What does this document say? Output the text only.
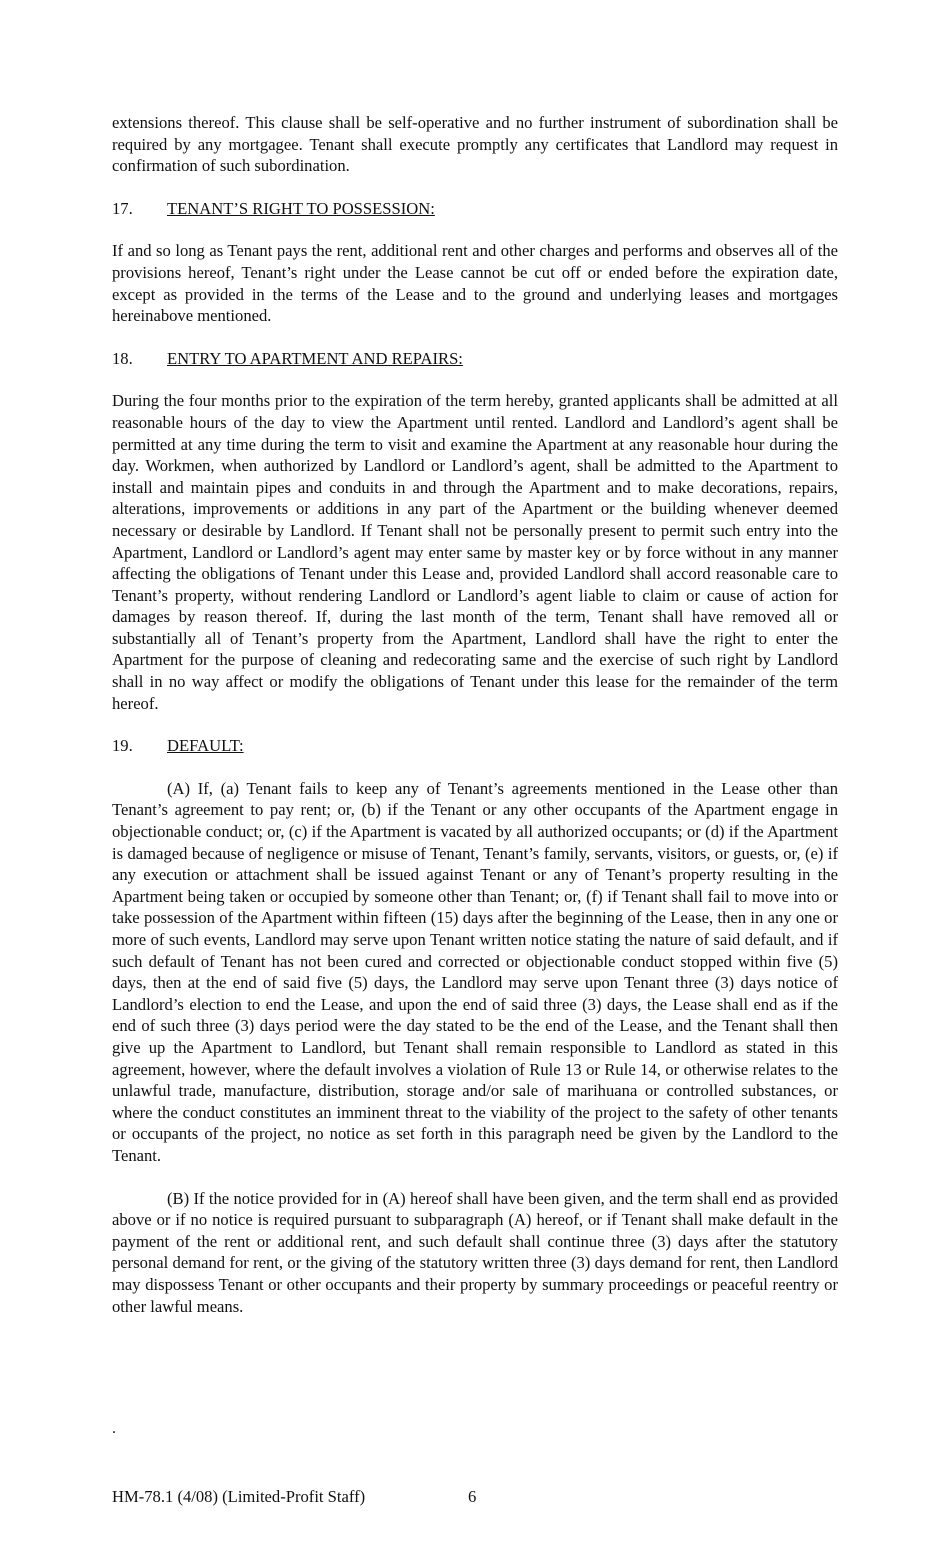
extensions thereof. This clause shall be self-operative and no further instrument of subordination shall be required by any mortgagee. Tenant shall execute promptly any certificates that Landlord may request in confirmation of such subordination.

17.	TENANT’S RIGHT TO POSSESSION:

If and so long as Tenant pays the rent, additional rent and other charges and performs and observes all of the provisions hereof, Tenant’s right under the Lease cannot be cut off or ended before the expiration date, except as provided in the terms of the Lease and to the ground and underlying leases and mortgages hereinabove mentioned.

18.	ENTRY TO APARTMENT AND REPAIRS:

During the four months prior to the expiration of the term hereby, granted applicants shall be admitted at all reasonable hours of the day to view the Apartment until rented. Landlord and Landlord’s agent shall be permitted at any time during the term to visit and examine the Apartment at any reasonable hour during the day. Workmen, when authorized by Landlord or Landlord’s agent, shall be admitted to the Apartment to install and maintain pipes and conduits in and through the Apartment and to make decorations, repairs, alterations, improvements or additions in any part of the Apartment or the building whenever deemed necessary or desirable by Landlord. If Tenant shall not be personally present to permit such entry into the Apartment, Landlord or Landlord’s agent may enter same by master key or by force without in any manner affecting the obligations of Tenant under this Lease and, provided Landlord shall accord reasonable care to Tenant’s property, without rendering Landlord or Landlord’s agent liable to claim or cause of action for damages by reason thereof. If, during the last month of the term, Tenant shall have removed all or substantially all of Tenant’s property from the Apartment, Landlord shall have the right to enter the Apartment for the purpose of cleaning and redecorating same and the exercise of such right by Landlord shall in no way affect or modify the obligations of Tenant under this lease for the remainder of the term hereof.

19.	DEFAULT:

(A) If, (a) Tenant fails to keep any of Tenant’s agreements mentioned in the Lease other than Tenant’s agreement to pay rent; or, (b) if the Tenant or any other occupants of the Apartment engage in objectionable conduct; or, (c) if the Apartment is vacated by all authorized occupants; or (d) if the Apartment is damaged because of negligence or misuse of Tenant, Tenant’s family, servants, visitors, or guests, or, (e) if any execution or attachment shall be issued against Tenant or any of Tenant’s property resulting in the Apartment being taken or occupied by someone other than Tenant; or, (f) if Tenant shall fail to move into or take possession of the Apartment within fifteen (15) days after the beginning of the Lease, then in any one or more of such events, Landlord may serve upon Tenant written notice stating the nature of said default, and if such default of Tenant has not been cured and corrected or objectionable conduct stopped within five (5) days, then at the end of said five (5) days, the Landlord may serve upon Tenant three (3) days notice of Landlord’s election to end the Lease, and upon the end of said three (3) days, the Lease shall end as if the end of such three (3) days period were the day stated to be the end of the Lease, and the Tenant shall then give up the Apartment to Landlord, but Tenant shall remain responsible to Landlord as stated in this agreement, however, where the default involves a violation of Rule 13 or Rule 14, or otherwise relates to the unlawful trade, manufacture, distribution, storage and/or sale of marihuana or controlled substances, or where the conduct constitutes an imminent threat to the viability of the project to the safety of other tenants or occupants of the project, no notice as set forth in this paragraph need be given by the Landlord to the Tenant.

(B) If the notice provided for in (A) hereof shall have been given, and the term shall end as provided above or if no notice is required pursuant to subparagraph (A) hereof, or if Tenant shall make default in the payment of the rent or additional rent, and such default shall continue three (3) days after the statutory personal demand for rent, or the giving of the statutory written three (3) days demand for rent, then Landlord may dispossess Tenant or other occupants and their property by summary proceedings or peaceful reentry or other lawful means.

.
HM-78.1 (4/08) (Limited-Profit Staff)	6
